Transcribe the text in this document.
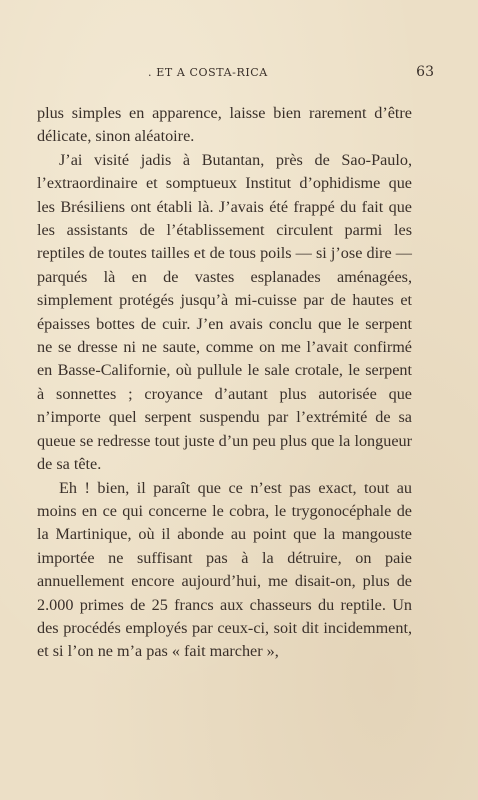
. ET A COSTA-RICA	63

plus simples en apparence, laisse bien rarement d’être délicate, sinon aléatoire.

J’ai visité jadis à Butantan, près de Sao-Paulo, l’extraordinaire et somptueux Institut d’ophidisme que les Brésiliens ont établi là. J’avais été frappé du fait que les assistants de l’établissement circulent parmi les reptiles de toutes tailles et de tous poils — si j’ose dire — parqués là en de vastes esplanades aménagées, simplement protégés jusqu’à mi-cuisse par de hautes et épaisses bottes de cuir. J’en avais conclu que le serpent ne se dresse ni ne saute, comme on me l’avait confirmé en Basse-Californie, où pullule le sale crotale, le serpent à sonnettes ; croyance d’autant plus autorisée que n’importe quel serpent suspendu par l’extrémité de sa queue se redresse tout juste d’un peu plus que la longueur de sa tête.

Eh ! bien, il paraît que ce n’est pas exact, tout au moins en ce qui concerne le cobra, le trygonocéphale de la Martinique, où il abonde au point que la mangouste importée ne suffisant pas à la détruire, on paie annuellement encore aujourd’hui, me disait-on, plus de 2.000 primes de 25 francs aux chasseurs du reptile. Un des procédés employés par ceux-ci, soit dit incidemment, et si l’on ne m’a pas « fait marcher »,
